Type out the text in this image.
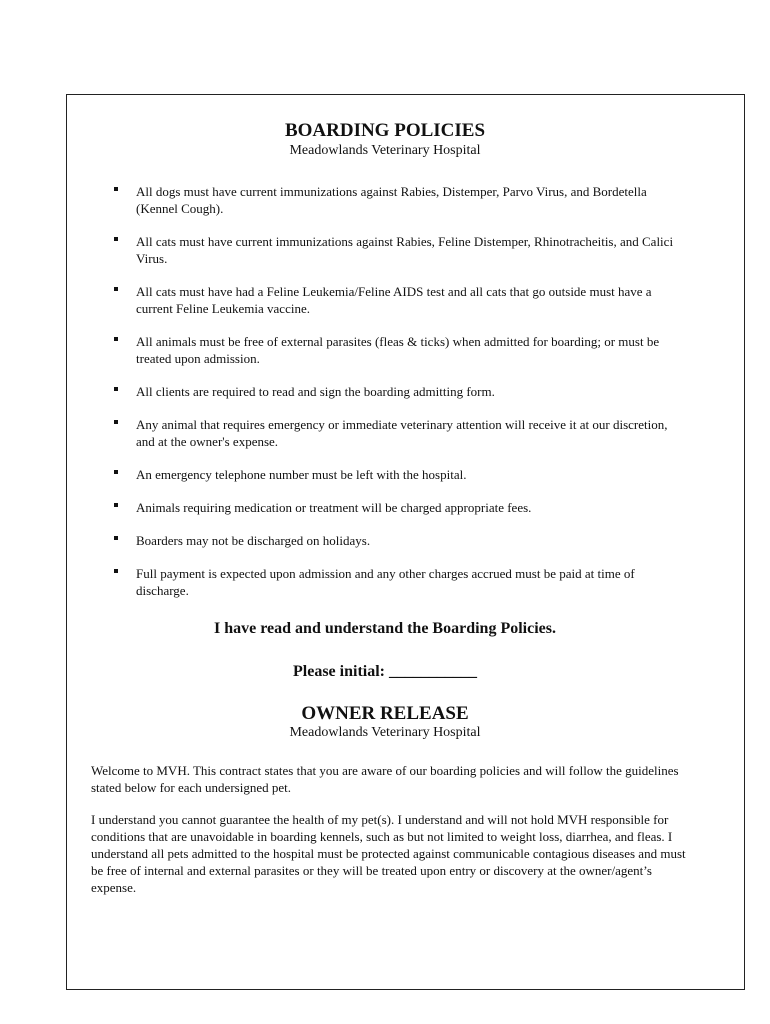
BOARDING POLICIES
Meadowlands Veterinary Hospital
All dogs must have current immunizations against Rabies, Distemper, Parvo Virus, and Bordetella (Kennel Cough).
All cats must have current immunizations against Rabies, Feline Distemper, Rhinotracheitis, and Calici Virus.
All cats must have had a Feline Leukemia/Feline AIDS test and all cats that go outside must have a current Feline Leukemia vaccine.
All animals must be free of external parasites (fleas & ticks) when admitted for boarding; or must be treated upon admission.
All clients are required to read and sign the boarding admitting form.
Any animal that requires emergency or immediate veterinary attention will receive it at our discretion, and at the owner's expense.
An emergency telephone number must be left with the hospital.
Animals requiring medication or treatment will be charged appropriate fees.
Boarders may not be discharged on holidays.
Full payment is expected upon admission and any other charges accrued must be paid at time of discharge.
I have read and understand the Boarding Policies.
Please initial: ___________
OWNER RELEASE
Meadowlands Veterinary Hospital

Welcome to MVH. This contract states that you are aware of our boarding policies and will follow the guidelines stated below for each undersigned pet.

I understand you cannot guarantee the health of my pet(s). I understand and will not hold MVH responsible for conditions that are unavoidable in boarding kennels, such as but not limited to weight loss, diarrhea, and fleas. I understand all pets admitted to the hospital must be protected against communicable contagious diseases and must be free of internal and external parasites or they will be treated upon entry or discovery at the owner/agent’s expense.
